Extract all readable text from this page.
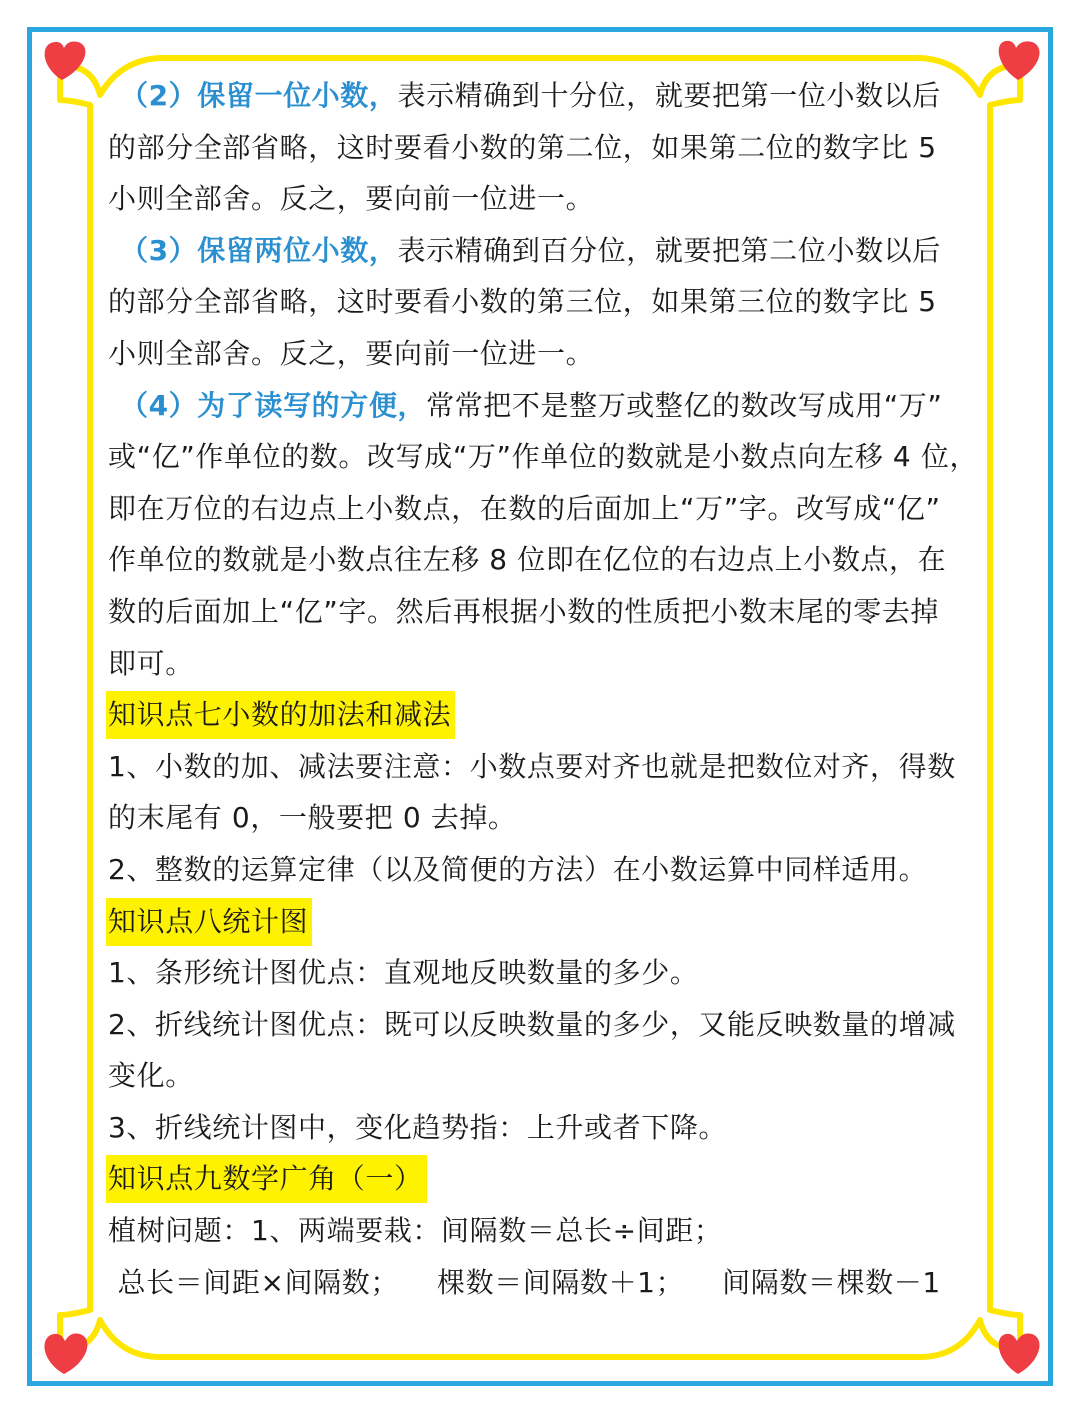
（2）保留一位小数，表示精确到十分位，就要把第一位小数以后

的部分全部省略，这时要看小数的第二位，如果第二位的数字比 5

小则全部舍。反之，要向前一位进一。

（3）保留两位小数，表示精确到百分位，就要把第二位小数以后

的部分全部省略，这时要看小数的第三位，如果第三位的数字比 5

小则全部舍。反之，要向前一位进一。

（4）为了读写的方便，常常把不是整万或整亿的数改写成用“万”

或“亿”作单位的数。改写成“万”作单位的数就是小数点向左移 4 位，

即在万位的右边点上小数点，在数的后面加上“万”字。改写成“亿”

作单位的数就是小数点往左移 8 位即在亿位的右边点上小数点，在

数的后面加上“亿”字。然后再根据小数的性质把小数末尾的零去掉

即可。

知识点七小数的加法和减法

1、小数的加、减法要注意：小数点要对齐也就是把数位对齐，得数

的末尾有 0，一般要把 0 去掉。

2、整数的运算定律（以及简便的方法）在小数运算中同样适用。

知识点八统计图

1、条形统计图优点：直观地反映数量的多少。

2、折线统计图优点：既可以反映数量的多少，又能反映数量的增减

变化。

3、折线统计图中，变化趋势指：上升或者下降。

知识点九数学广角（一）

植树问题：1、两端要栽：间隔数＝总长÷间距；

总长＝间距×间隔数；    棵数＝间隔数＋1；    间隔数＝棵数－1
